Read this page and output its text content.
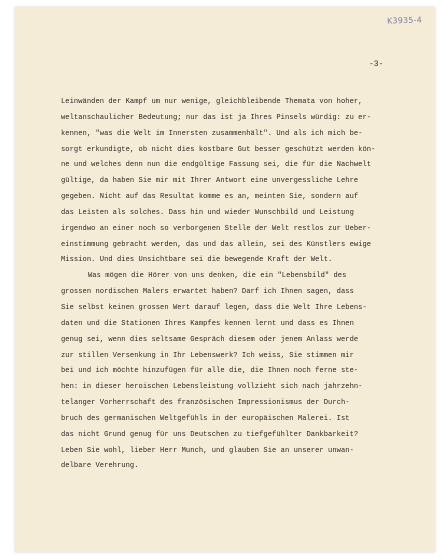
K3935-4
-3-
Leinwänden der Kampf um nur wenige, gleichbleibende Themata von hoher,
weltanschaulicher Bedeutung; nur das ist ja Ihres Pinsels würdig: zu er-
kennen, "was die Welt im Innersten zusammenhält". Und als ich mich be-
sorgt erkundigte, ob nicht dies kostbare Gut besser geschützt werden kön-
ne und welches denn nun die endgültige Fassung sei, die für die Nachwelt
gültige, da haben Sie mir mit Ihrer Antwort eine unvergessliche Lehre
gegeben. Nicht auf das Resultat komme es an, meinten Sie, sondern auf
das Leisten als solches. Dass hin und wieder Wunschbild und Leistung
irgendwo an einer noch so verborgenen Stelle der Welt restlos zur Ueber-
einstimmung gebracht werden, das und das allein, sei des Künstlers ewige
Mission. Und dies Unsichtbare sei die bewegende Kraft der Welt.
Was mögen die Hörer von uns denken, die ein "Lebensbild" des
grossen nordischen Malers erwartet haben? Darf ich Ihnen sagen, dass
Sie selbst keinen grossen Wert darauf legen, dass die Welt Ihre Lebens-
daten und die Stationen Ihres Kampfes kennen lernt und dass es Ihnen
genug sei, wenn dies seltsame Gespräch diesem oder jenem Anlass werde
zur stillen Versenkung in Ihr Lebenswerk? Ich weiss, Sie stimmen mir
bei und ich möchte hinzufügen für alle die, die Ihnen noch ferne ste-
hen: in dieser heroischen Lebensleistung vollzieht sich nach jahrzehn-
telanger Vorherrschaft des französischen Impressionismus der Durch-
bruch des germanischen Weltgefühls in der europäischen Malerei. Ist
das nicht Grund genug für uns Deutschen zu tiefgefühlter Dankbarkeit?
Leben Sie wohl, lieber Herr Munch, und glauben Sie an unserer unwan-
delbare Verehrung.
